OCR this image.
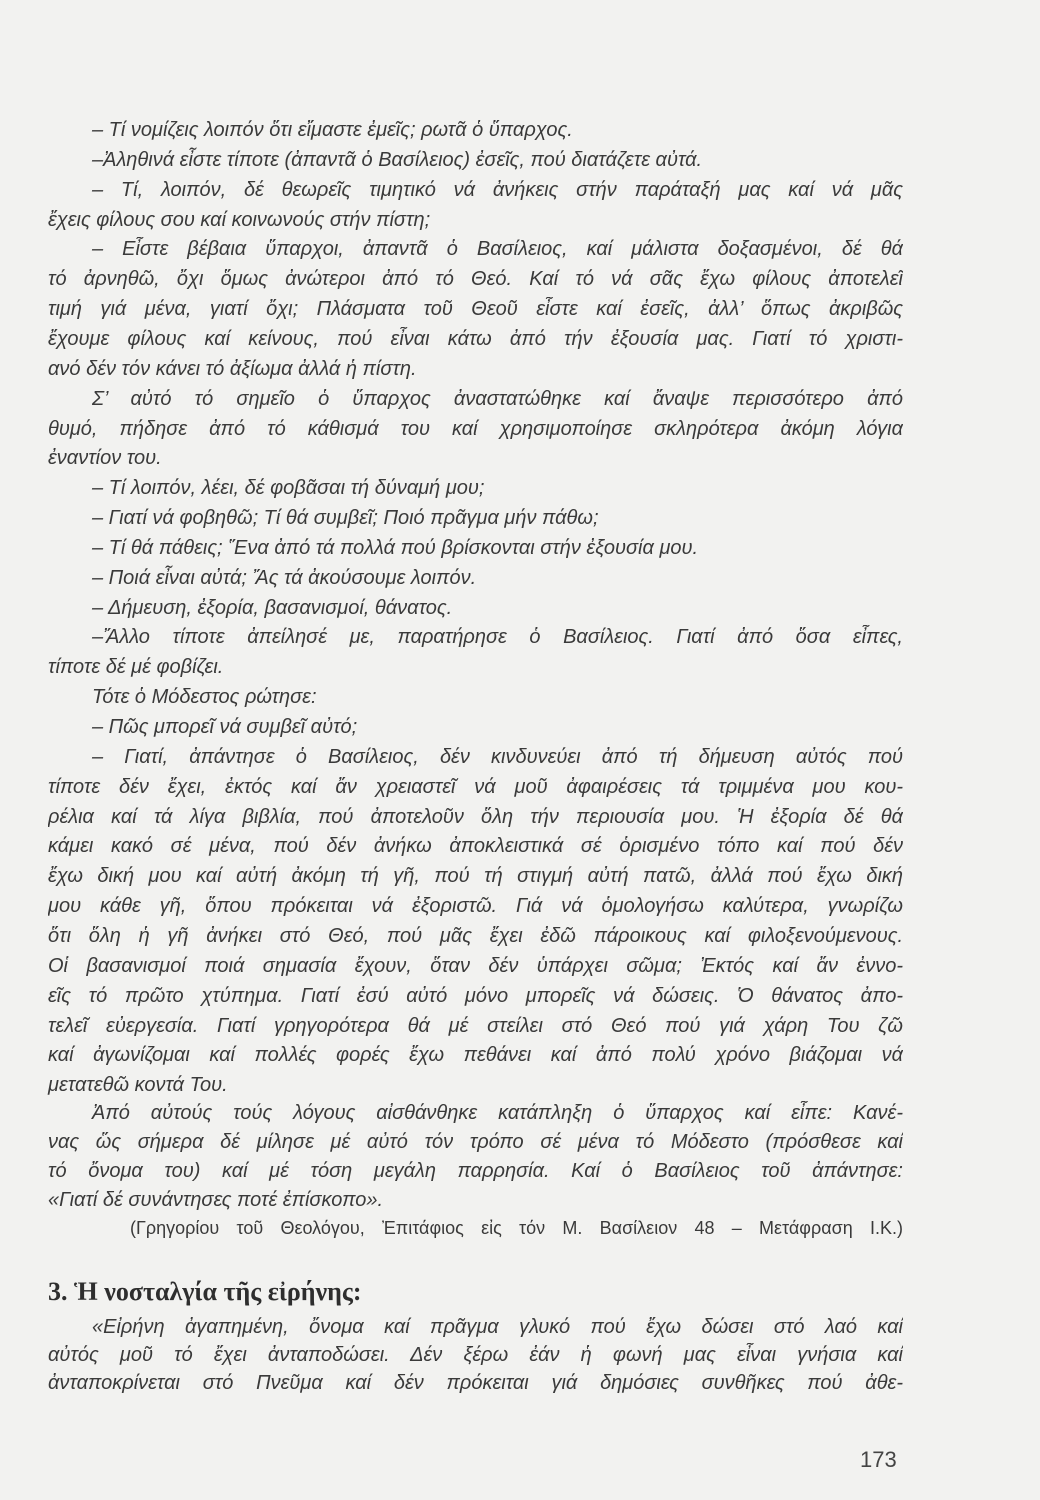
– Τί νομίζεις λοιπόν ὅτι εἴμαστε ἐμεῖς; ρωτᾶ ὁ ὕπαρχος.
–Ἀληθινά εἶστε τίποτε (ἀπαντᾶ ὁ Βασίλειος) ἐσεῖς, πού διατάζετε αὐτά.
– Τί, λοιπόν, δέ θεωρεῖς τιμητικό νά ἀνήκεις στήν παράταξή μας καί νά μᾶς
ἔχεις φίλους σου καί κοινωνούς στήν πίστη;
– Εἶστε βέβαια ὕπαρχοι, ἀπαντᾶ ὁ Βασίλειος, καί μάλιστα δοξασμένοι, δέ θά
τό ἀρνηθῶ, ὄχι ὅμως ἀνώτεροι ἀπό τό Θεό. Καί τό νά σᾶς ἔχω φίλους ἀποτελεῖ
τιμή γιά μένα, γιατί ὄχι; Πλάσματα τοῦ Θεοῦ εἶστε καί ἐσεῖς, ἀλλ’ ὅπως ἀκριβῶς
ἔχουμε φίλους καί κείνους, πού εἶναι κάτω ἀπό τήν ἐξουσία μας. Γιατί τό χριστι-
ανό δέν τόν κάνει τό ἀξίωμα ἀλλά ἡ πίστη.
Σ’ αὐτό τό σημεῖο ὁ ὕπαρχος ἀναστατώθηκε καί ἄναψε περισσότερο ἀπό
θυμό, πήδησε ἀπό τό κάθισμά του καί χρησιμοποίησε σκληρότερα ἀκόμη λόγια
ἐναντίον του.
– Τί λοιπόν, λέει, δέ φοβᾶσαι τή δύναμή μου;
– Γιατί νά φοβηθῶ; Τί θά συμβεῖ; Ποιό πρᾶγμα μήν πάθω;
– Τί θά πάθεις; Ἕνα ἀπό τά πολλά πού βρίσκονται στήν ἐξουσία μου.
– Ποιά εἶναι αὐτά; Ἄς τά ἀκούσουμε λοιπόν.
– Δήμευση, ἐξορία, βασανισμοί, θάνατος.
–Ἄλλο τίποτε ἀπείλησέ με, παρατήρησε ὁ Βασίλειος. Γιατί ἀπό ὅσα εἶπες,
τίποτε δέ μέ φοβίζει.
Τότε ὁ Μόδεστος ρώτησε:
– Πῶς μπορεῖ νά συμβεῖ αὐτό;
– Γιατί, ἀπάντησε ὁ Βασίλειος, δέν κινδυνεύει ἀπό τή δήμευση αὐτός πού
τίποτε δέν ἔχει, ἐκτός καί ἄν χρειαστεῖ νά μοῦ ἀφαιρέσεις τά τριμμένα μου κου-
ρέλια καί τά λίγα βιβλία, πού ἀποτελοῦν ὅλη τήν περιουσία μου. Ἡ ἐξορία δέ θά
κάμει κακό σέ μένα, πού δέν ἀνήκω ἀποκλειστικά σέ ὁρισμένο τόπο καί πού δέν
ἔχω δική μου καί αὐτή ἀκόμη τή γῆ, πού τή στιγμή αὐτή πατῶ, ἀλλά πού ἔχω δική
μου κάθε γῆ, ὅπου πρόκειται νά ἐξοριστῶ. Γιά νά ὁμολογήσω καλύτερα, γνωρίζω
ὅτι ὅλη ἡ γῆ ἀνήκει στό Θεό, πού μᾶς ἔχει ἐδῶ πάροικους καί φιλοξενούμενους.
Οἱ βασανισμοί ποιά σημασία ἔχουν, ὅταν δέν ὑπάρχει σῶμα; Ἐκτός καί ἄν ἐννο-
εῖς τό πρῶτο χτύπημα. Γιατί ἐσύ αὐτό μόνο μπορεῖς νά δώσεις. Ὁ θάνατος ἀπο-
τελεῖ εὐεργεσία. Γιατί γρηγορότερα θά μέ στείλει στό Θεό πού γιά χάρη Του ζῶ
καί ἀγωνίζομαι καί πολλές φορές ἔχω πεθάνει καί ἀπό πολύ χρόνο βιάζομαι νά
μετατεθῶ κοντά Του.
Ἀπό αὐτούς τούς λόγους αἰσθάνθηκε κατάπληξη ὁ ὕπαρχος καί εἶπε: Κανέ-
νας ὥς σήμερα δέ μίλησε μέ αὐτό τόν τρόπο σέ μένα τό Μόδεστο (πρόσθεσε καί
τό ὄνομα του) καί μέ τόση μεγάλη παρρησία. Καί ὁ Βασίλειος τοῦ ἀπάντησε:
«Γιατί δέ συνάντησες ποτέ ἐπίσκοπο».
(Γρηγορίου τοῦ Θεολόγου, Ἐπιτάφιος εἰς τόν Μ. Βασίλειον 48 – Μετάφραση Ι.Κ.)
3. Ἡ νοσταλγία τῆς εἰρήνης:
«Εἰρήνη ἀγαπημένη, ὄνομα καί πρᾶγμα γλυκό πού ἔχω δώσει στό λαό καί
αὐτός μοῦ τό ἔχει ἀνταποδώσει. Δέν ξέρω ἐάν ἡ φωνή μας εἶναι γνήσια καί
ἀνταποκρίνεται στό Πνεῦμα καί δέν πρόκειται γιά δημόσιες συνθῆκες πού ἀθε-
173
